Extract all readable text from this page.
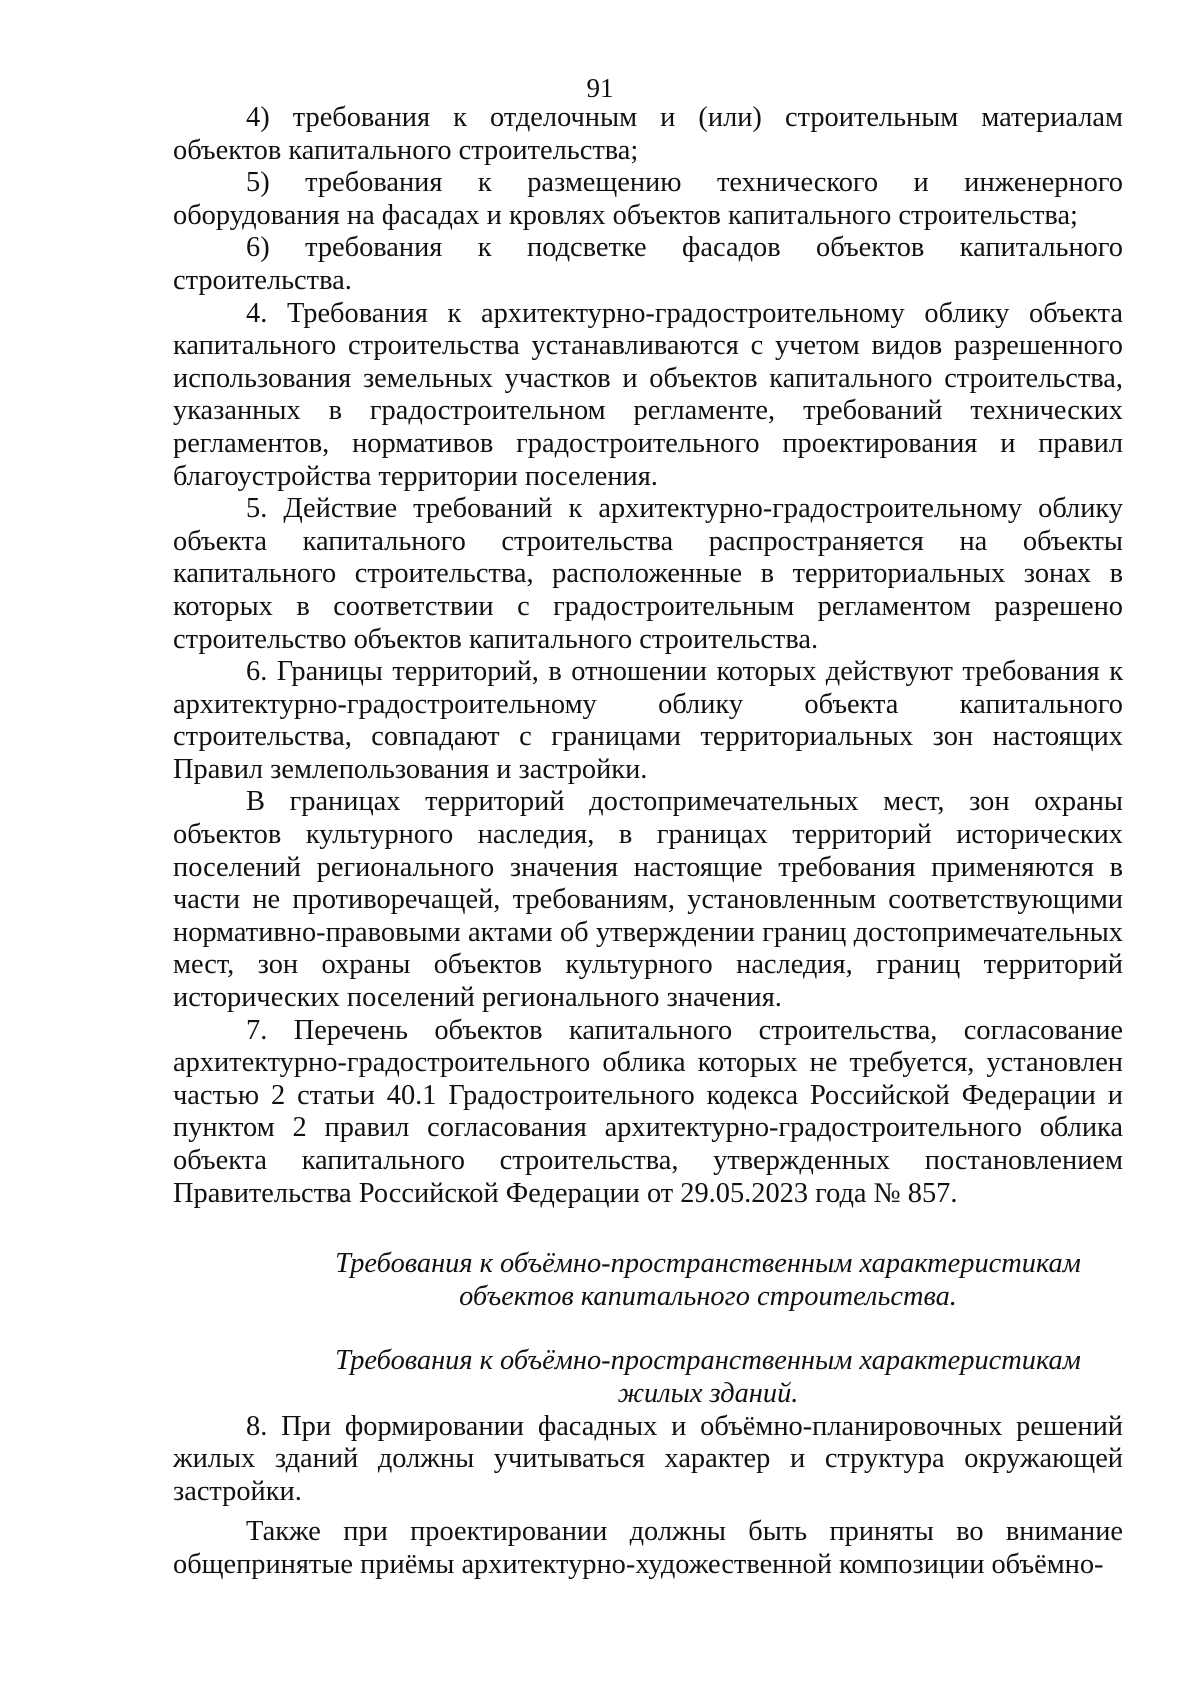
91

4) требования к отделочным и (или) строительным материалам объектов капитального строительства;

5) требования к размещению технического и инженерного оборудования на фасадах и кровлях объектов капитального строительства;

6) требования к подсветке фасадов объектов капитального строительства.

4. Требования к архитектурно-градостроительному облику объекта капитального строительства устанавливаются с учетом видов разрешенного использования земельных участков и объектов капитального строительства, указанных в градостроительном регламенте, требований технических регламентов, нормативов градостроительного проектирования и правил благоустройства территории поселения.

5. Действие требований к архитектурно-градостроительному облику объекта капитального строительства распространяется на объекты капитального строительства, расположенные в территориальных зонах в которых в соответствии с градостроительным регламентом разрешено строительство объектов капитального строительства.

6. Границы территорий, в отношении которых действуют требования к архитектурно-градостроительному облику объекта капитального строительства, совпадают с границами территориальных зон настоящих Правил землепользования и застройки.

В границах территорий достопримечательных мест, зон охраны объектов культурного наследия, в границах территорий исторических поселений регионального значения настоящие требования применяются в части не противоречащей, требованиям, установленным соответствующими нормативно-правовыми актами об утверждении границ достопримечательных мест, зон охраны объектов культурного наследия, границ территорий исторических поселений регионального значения.

7. Перечень объектов капитального строительства, согласование архитектурно-градостроительного облика которых не требуется, установлен частью 2 статьи 40.1 Градостроительного кодекса Российской Федерации и пунктом 2 правил согласования архитектурно-градостроительного облика объекта капитального строительства, утвержденных постановлением Правительства Российской Федерации от 29.05.2023 года № 857.

Требования к объёмно-пространственным характеристикам
объектов капитального строительства.

Требования к объёмно-пространственным характеристикам
жилых зданий.

8. При формировании фасадных и объёмно-планировочных решений жилых зданий должны учитываться характер и структура окружающей застройки.

Также при проектировании должны быть приняты во внимание общепринятые приёмы архитектурно-художественной композиции объёмно-
